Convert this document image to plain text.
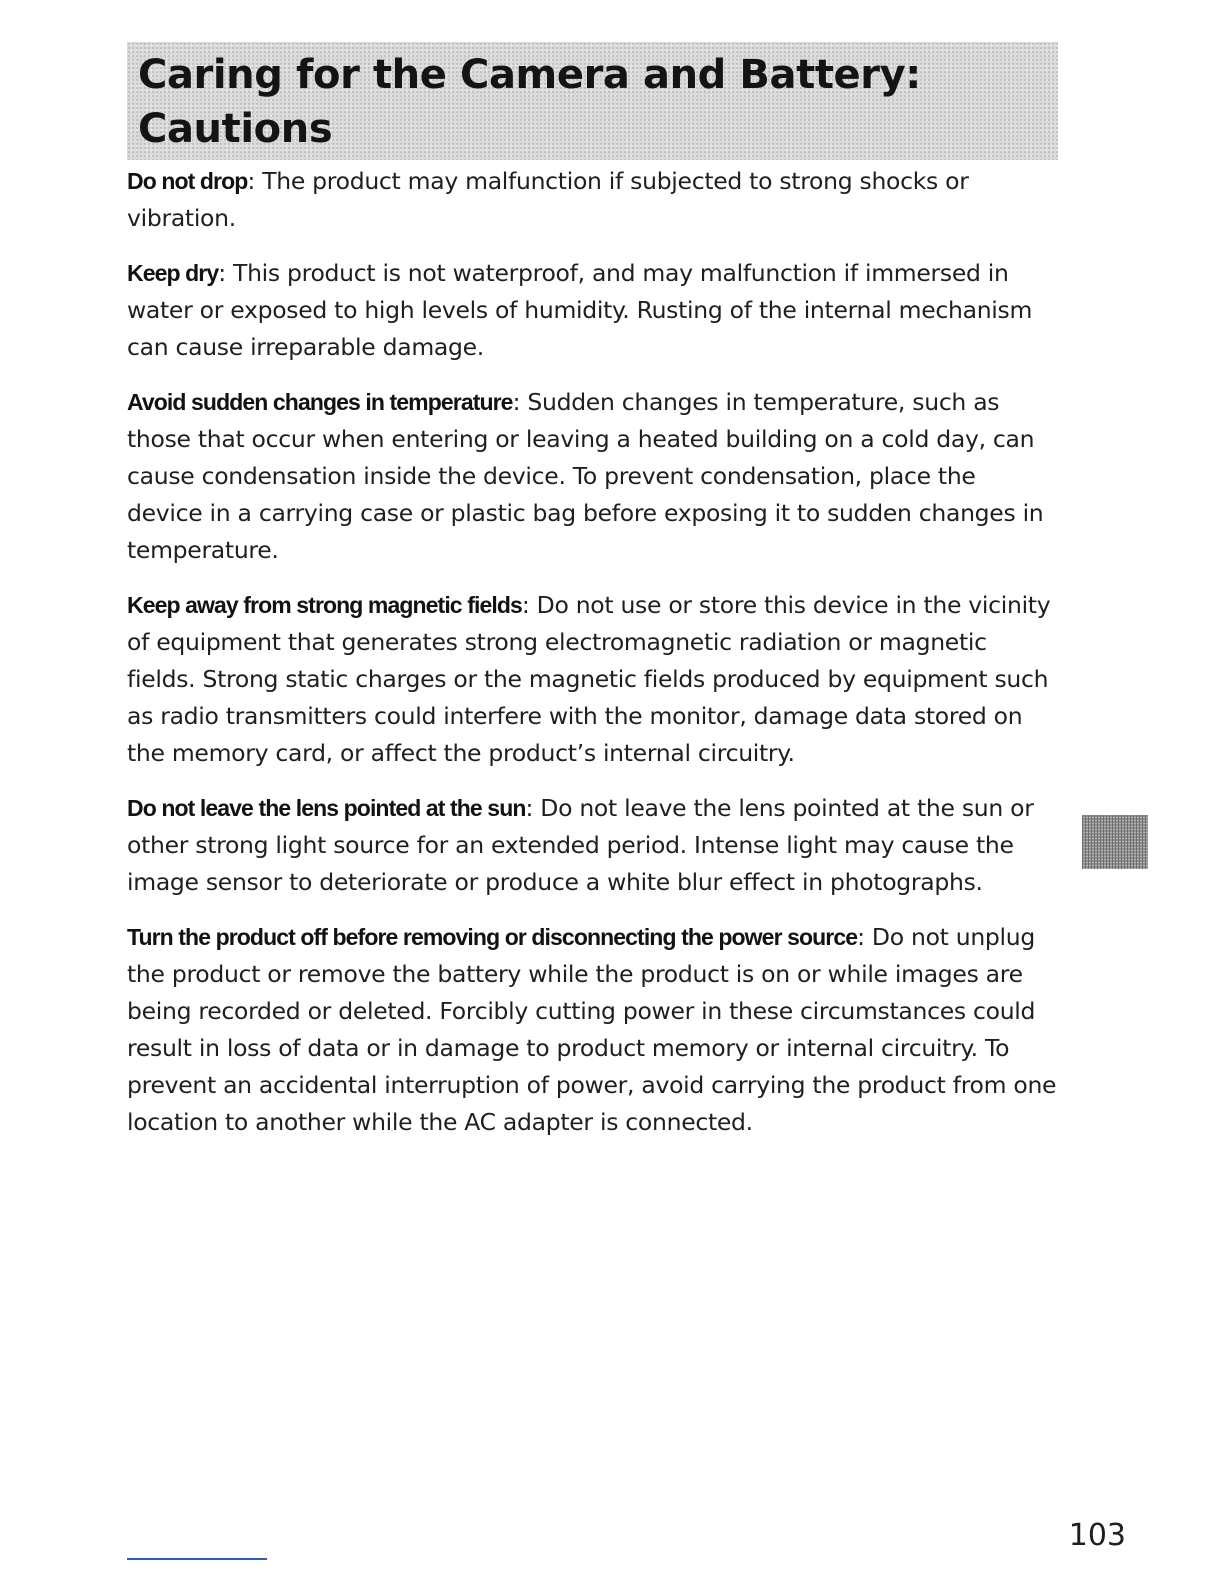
Caring for the Camera and Battery:
Cautions

Do not drop: The product may malfunction if subjected to strong shocks or vibration.

Keep dry: This product is not waterproof, and may malfunction if immersed in water or exposed to high levels of humidity. Rusting of the internal mechanism can cause irreparable damage.

Avoid sudden changes in temperature: Sudden changes in temperature, such as those that occur when entering or leaving a heated building on a cold day, can cause condensation inside the device. To prevent condensation, place the device in a carrying case or plastic bag before exposing it to sudden changes in temperature.

Keep away from strong magnetic fields: Do not use or store this device in the vicinity of equipment that generates strong electromagnetic radiation or magnetic fields. Strong static charges or the magnetic fields produced by equipment such as radio transmitters could interfere with the monitor, damage data stored on the memory card, or affect the product’s internal circuitry.

Do not leave the lens pointed at the sun: Do not leave the lens pointed at the sun or other strong light source for an extended period. Intense light may cause the image sensor to deteriorate or produce a white blur effect in photographs.

Turn the product off before removing or disconnecting the power source: Do not unplug the product or remove the battery while the product is on or while images are being recorded or deleted. Forcibly cutting power in these circumstances could result in loss of data or in damage to product memory or internal circuitry. To prevent an accidental interruption of power, avoid carrying the product from one location to another while the AC adapter is connected.

103
